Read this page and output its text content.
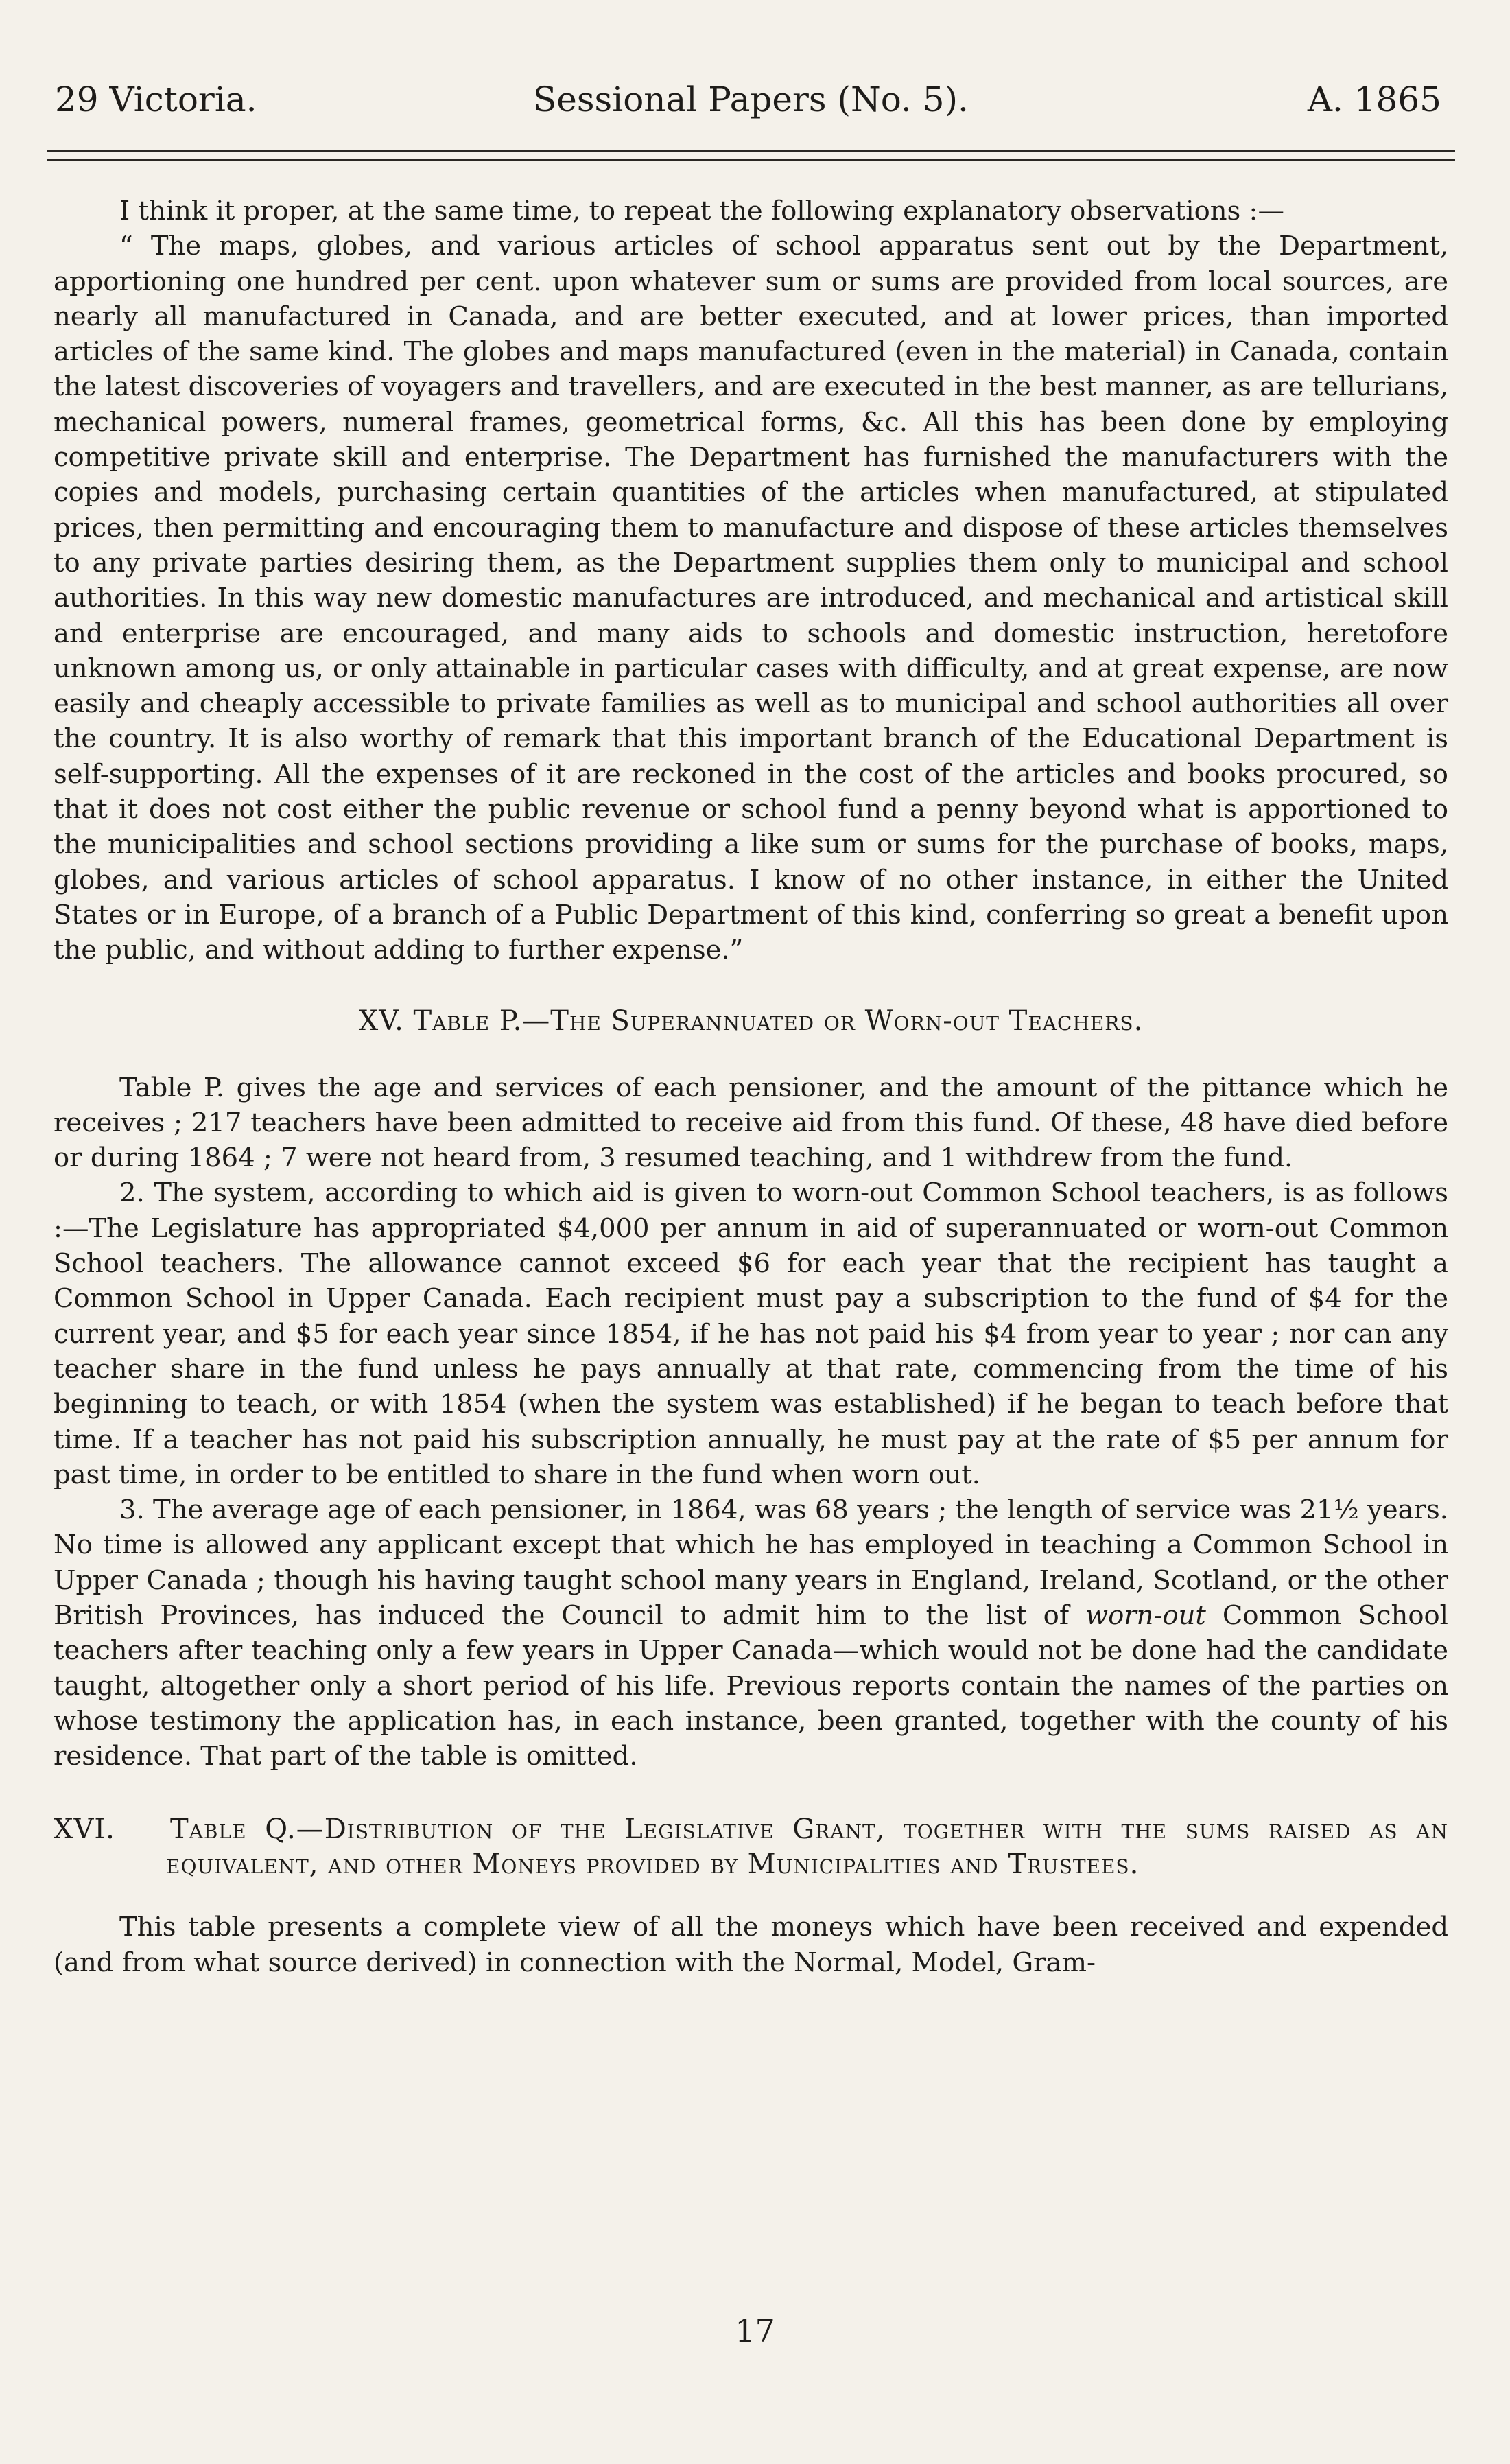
29 Victoria.	Sessional Papers (No. 5).	A. 1865

I think it proper, at the same time, to repeat the following explanatory observations :—

“ The maps, globes, and various articles of school apparatus sent out by the Department, apportioning one hundred per cent. upon whatever sum or sums are provided from local sources, are nearly all manufactured in Canada, and are better executed, and at lower prices, than imported articles of the same kind. The globes and maps manufactured (even in the material) in Canada, contain the latest discoveries of voyagers and travellers, and are executed in the best manner, as are tellurians, mechanical powers, numeral frames, geometrical forms, &c. All this has been done by employing competitive private skill and enterprise. The Department has furnished the manufacturers with the copies and models, purchasing certain quantities of the articles when manufactured, at stipulated prices, then permitting and encouraging them to manufacture and dispose of these articles themselves to any private parties desiring them, as the Department supplies them only to municipal and school authorities. In this way new domestic manufactures are introduced, and mechanical and artistical skill and enterprise are encouraged, and many aids to schools and domestic instruction, heretofore unknown among us, or only attainable in particular cases with difficulty, and at great expense, are now easily and cheaply accessible to private families as well as to municipal and school authorities all over the country. It is also worthy of remark that this important branch of the Educational Department is self-supporting. All the expenses of it are reckoned in the cost of the articles and books procured, so that it does not cost either the public revenue or school fund a penny beyond what is apportioned to the municipalities and school sections providing a like sum or sums for the purchase of books, maps, globes, and various articles of school apparatus. I know of no other instance, in either the United States or in Europe, of a branch of a Public Department of this kind, conferring so great a benefit upon the public, and without adding to further expense.”

XV. Table P.—The Superannuated or Worn-out Teachers.

Table P. gives the age and services of each pensioner, and the amount of the pittance which he receives ; 217 teachers have been admitted to receive aid from this fund. Of these, 48 have died before or during 1864 ; 7 were not heard from, 3 resumed teaching, and 1 withdrew from the fund.

2. The system, according to which aid is given to worn-out Common School teachers, is as follows :—The Legislature has appropriated $4,000 per annum in aid of superannuated or worn-out Common School teachers. The allowance cannot exceed $6 for each year that the recipient has taught a Common School in Upper Canada. Each recipient must pay a subscription to the fund of $4 for the current year, and $5 for each year since 1854, if he has not paid his $4 from year to year ; nor can any teacher share in the fund unless he pays annually at that rate, commencing from the time of his beginning to teach, or with 1854 (when the system was established) if he began to teach before that time. If a teacher has not paid his subscription annually, he must pay at the rate of $5 per annum for past time, in order to be entitled to share in the fund when worn out.

3. The average age of each pensioner, in 1864, was 68 years ; the length of service was 21½ years. No time is allowed any applicant except that which he has employed in teaching a Common School in Upper Canada ; though his having taught school many years in England, Ireland, Scotland, or the other British Provinces, has induced the Council to admit him to the list of worn-out Common School teachers after teaching only a few years in Upper Canada—which would not be done had the candidate taught, altogether only a short period of his life. Previous reports contain the names of the parties on whose testimony the application has, in each instance, been granted, together with the county of his residence. That part of the table is omitted.

XVI. Table Q.—Distribution of the Legislative Grant, together with the sums raised as an equivalent, and other Moneys provided by Municipalities and Trustees.

This table presents a complete view of all the moneys which have been received and expended (and from what source derived) in connection with the Normal, Model, Gram-

17
